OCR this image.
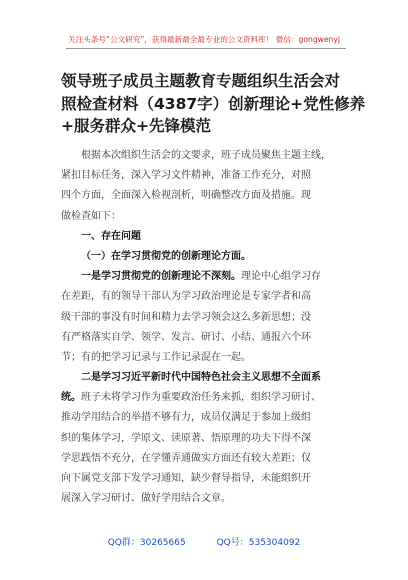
关注头条号“公文研究”，获得最新最全最专业的公文资料库！ 微信：gongwenyj
领导班子成员主题教育专题组织生活会对
照检查材料（4387字）创新理论+党性修养
+服务群众+先锋模范
根据本次组织生活会的文要求，班子成员聚焦主题主线，
紧扣目标任务，深入学习文件精神，准备工作充分，对照
四个方面，全面深入检视剖析，明确整改方面及措施。现
做检查如下：
一、存在问题
（一）在学习贯彻党的创新理论方面。
一是学习贯彻党的创新理论不深刻。理论中心组学习存
在差距，有的领导干部认为学习政治理论是专家学者和高
级干部的事没有时间和精力去学习领会这么多新思想；没
有严格落实自学、领学、发言、研讨、小结、通报六个环
节；有的把学习记录与工作记录混在一起。
二是学习习近平新时代中国特色社会主义思想不全面系
统。班子未将学习作为重要政治任务来抓，组织学习研讨、
推动学用结合的举措不够有力，成员仅满足于参加上级组
织的集体学习，学原文、读原著、悟原理的功夫下得不深
学思践悟不充分，在学懂弄通做实方面还有较大差距；仅
向下属党支部下发学习通知，缺少督导指导，未能组织开
展深入学习研讨、做好学用结合文章。
QQ群：30265665	QQ号：535304092
